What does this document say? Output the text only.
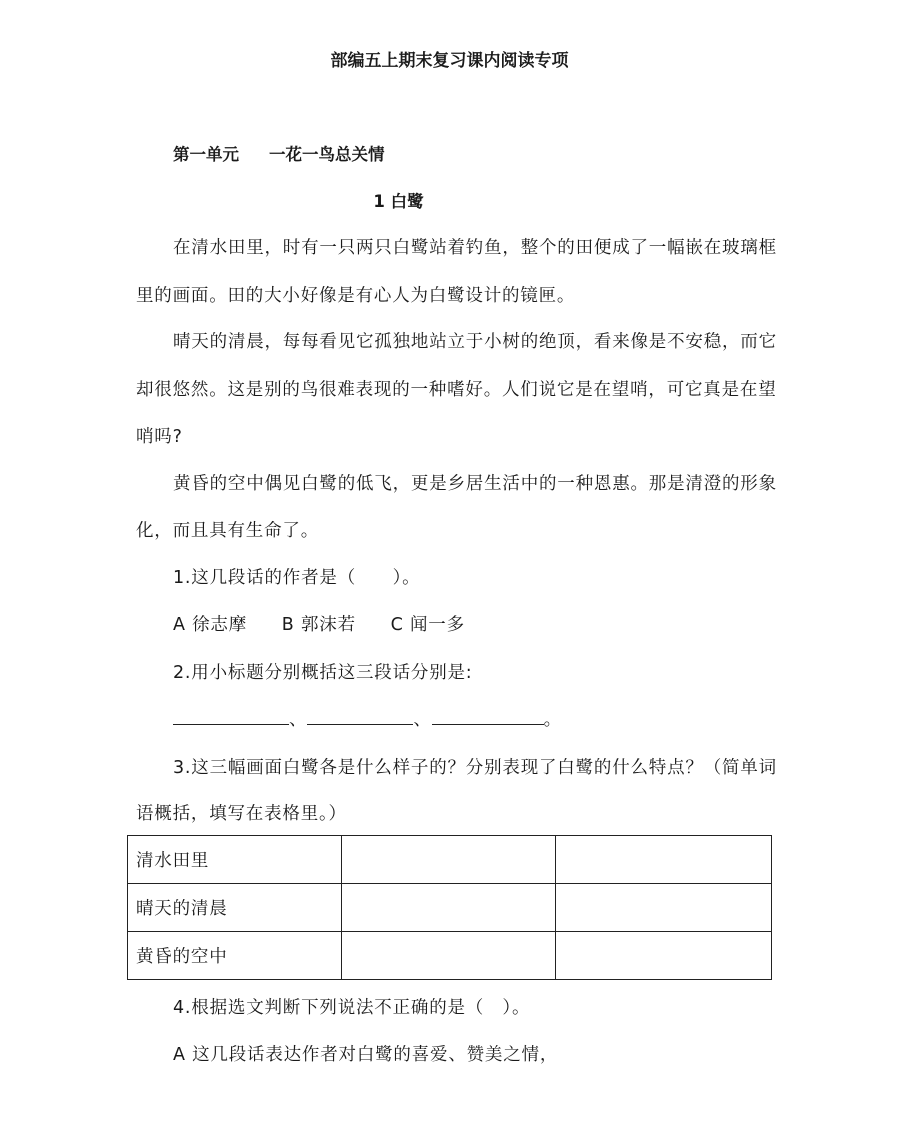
部编五上期末复习课内阅读专项
第一单元 一花一鸟总关情
1 白鹭
在清水田里，时有一只两只白鹭站着钓鱼，整个的田便成了一幅嵌在玻璃框
里的画面。田的大小好像是有心人为白鹭设计的镜匣。
晴天的清晨，每每看见它孤独地站立于小树的绝顶，看来像是不安稳，而它
却很悠然。这是别的鸟很难表现的一种嗜好。人们说它是在望哨，可它真是在望
哨吗?
黄昏的空中偶见白鹭的低飞，更是乡居生活中的一种恩惠。那是清澄的形象
化，而且具有生命了。
1.这几段话的作者是（　　）。
A 徐志摩 B 郭沫若 C 闻一多
2.用小标题分别概括这三段话分别是:
、	、	。
3.这三幅画面白鹭各是什么样子的？分别表现了白鹭的什么特点？（简单词
语概括，填写在表格里。）
清水田里		
晴天的清晨		
黄昏的空中		
4.根据选文判断下列说法不正确的是（　）。
A 这几段话表达作者对白鹭的喜爱、赞美之情，
